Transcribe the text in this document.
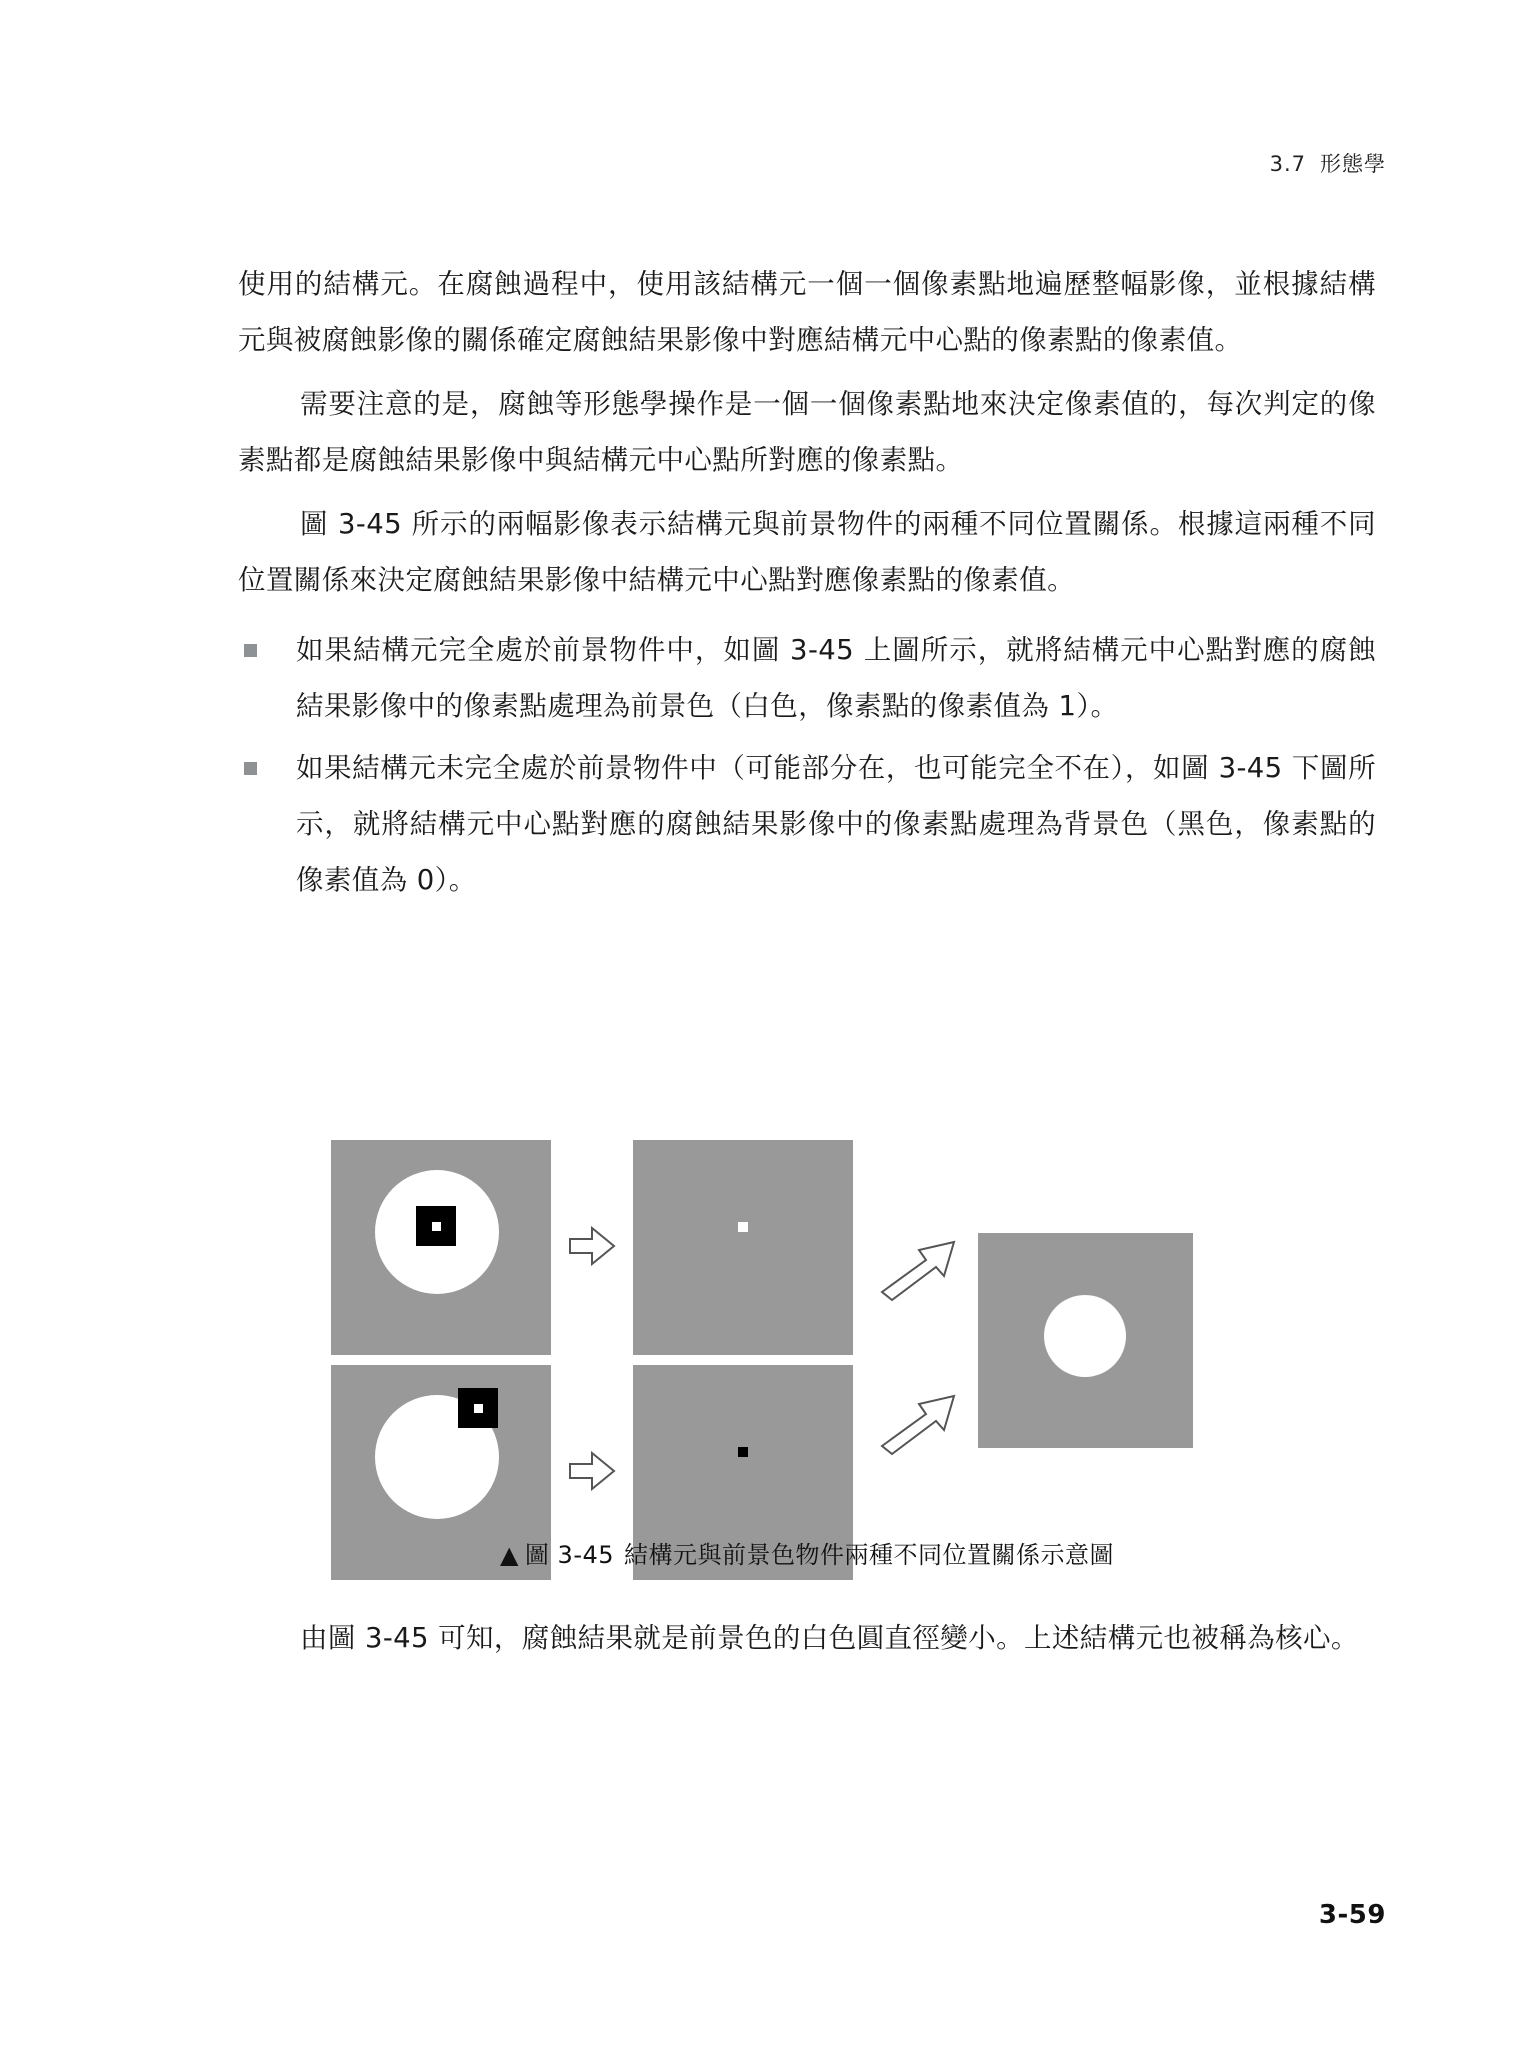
3.7 形態學

使用的結構元。在腐蝕過程中，使用該結構元一個一個像素點地遍歷整幅影像，並根據結構元與被腐蝕影像的關係確定腐蝕結果影像中對應結構元中心點的像素點的像素值。

需要注意的是，腐蝕等形態學操作是一個一個像素點地來決定像素值的，每次判定的像素點都是腐蝕結果影像中與結構元中心點所對應的像素點。

圖 3-45 所示的兩幅影像表示結構元與前景物件的兩種不同位置關係。根據這兩種不同位置關係來決定腐蝕結果影像中結構元中心點對應像素點的像素值。

如果結構元完全處於前景物件中，如圖 3-45 上圖所示，就將結構元中心點對應的腐蝕結果影像中的像素點處理為前景色（白色，像素點的像素值為 1）。
如果結構元未完全處於前景物件中（可能部分在，也可能完全不在），如圖 3-45 下圖所示，就將結構元中心點對應的腐蝕結果影像中的像素點處理為背景色（黑色，像素點的像素值為 0）。
▲ 圖 3-45 結構元與前景色物件兩種不同位置關係示意圖

由圖 3-45 可知，腐蝕結果就是前景色的白色圓直徑變小。上述結構元也被稱為核心。

3-59
